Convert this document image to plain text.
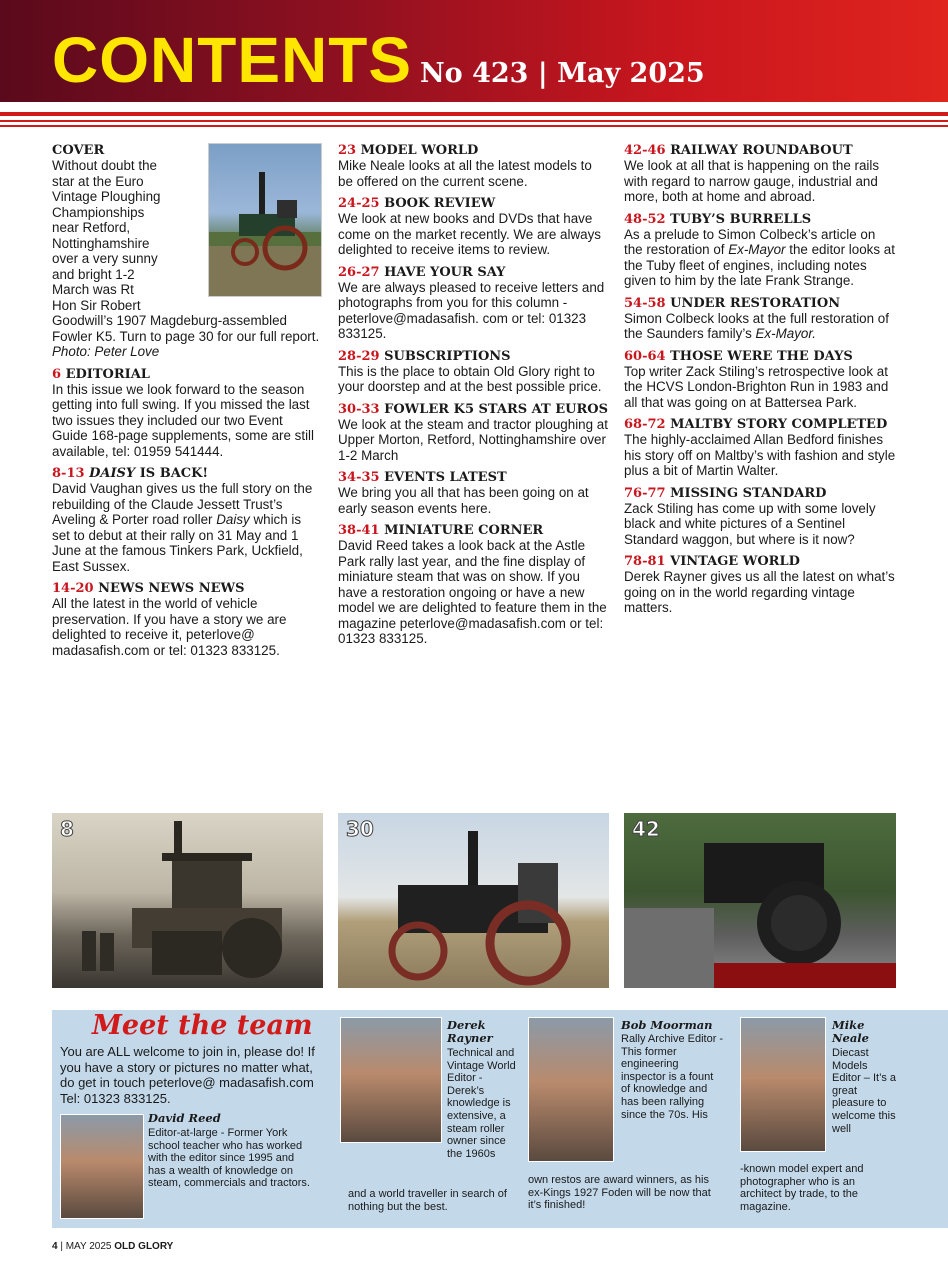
CONTENTS No 423 | May 2025
COVER
Without doubt the
star at the Euro
Vintage Ploughing
Championships
near Retford,
Nottinghamshire
over a very sunny
and bright 1-2
March was Rt
Hon Sir Robert
Goodwill’s 1907 Magdeburg-assembled Fowler K5. Turn to page 30 for our full report.
Photo: Peter Love
6 EDITORIAL
In this issue we look forward to the season getting into full swing. If you missed the last two issues they included our two Event Guide 168-page supplements, some are still available, tel: 01959 541444.
8-13 DAISY IS BACK!
David Vaughan gives us the full story on the rebuilding of the Claude Jessett Trust’s Aveling & Porter road roller Daisy which is set to debut at their rally on 31 May and 1 June at the famous Tinkers Park, Uckfield, East Sussex.
14-20 NEWS NEWS NEWS
All the latest in the world of vehicle preservation. If you have a story we are delighted to receive it, peterlove@ madasafish.com or tel: 01323 833125.
23 MODEL WORLD
Mike Neale looks at all the latest models to be offered on the current scene.
24-25 BOOK REVIEW
We look at new books and DVDs that have come on the market recently. We are always delighted to receive items to review.
26-27 HAVE YOUR SAY
We are always pleased to receive letters and photographs from you for this column - peterlove@madasafish. com or tel: 01323 833125.
28-29 SUBSCRIPTIONS
This is the place to obtain Old Glory right to your doorstep and at the best possible price.
30-33 FOWLER K5 STARS AT EUROS
We look at the steam and tractor ploughing at Upper Morton, Retford, Nottinghamshire over 1-2 March
34-35 EVENTS LATEST
We bring you all that has been going on at early season events here.
38-41 MINIATURE CORNER
David Reed takes a look back at the Astle Park rally last year, and the fine display of miniature steam that was on show. If you have a restoration ongoing or have a new model we are delighted to feature them in the magazine peterlove@madasafish.com or tel: 01323 833125.
42-46 RAILWAY ROUNDABOUT
We look at all that is happening on the rails with regard to narrow gauge, industrial and more, both at home and abroad.
48-52 TUBY’S BURRELLS
As a prelude to Simon Colbeck’s article on the restoration of Ex-Mayor the editor looks at the Tuby fleet of engines, including notes given to him by the late Frank Strange.
54-58 UNDER RESTORATION
Simon Colbeck looks at the full restoration of the Saunders family’s Ex-Mayor.
60-64 THOSE WERE THE DAYS
Top writer Zack Stiling’s retrospective look at the HCVS London-Brighton Run in 1983 and all that was going on at Battersea Park.
68-72 MALTBY STORY COMPLETED
The highly-acclaimed Allan Bedford finishes his story off on Maltby’s with fashion and style plus a bit of Martin Walter.
76-77 MISSING STANDARD
Zack Stiling has come up with some lovely black and white pictures of a Sentinel Standard waggon, but where is it now?
78-81 VINTAGE WORLD
Derek Rayner gives us all the latest on what’s going on in the world regarding vintage matters.
8	30	42
Meet the team
You are ALL welcome to join in, please do! If you have a story or pictures no matter what, do get in touch peterlove@ madasafish.com Tel: 01323 833125.
David Reed
Editor-at-large - Former York school teacher who has worked with the editor since 1995 and has a wealth of knowledge on steam, commercials and tractors.
Derek Rayner
Technical and Vintage World Editor - Derek’s knowledge is extensive, a steam roller owner since the 1960s
and a world traveller in search of nothing but the best.
Bob Moorman
Rally Archive Editor - This former engineering inspector is a fount of knowledge and has been rallying since the 70s. His
own restos are award winners, as his ex-Kings 1927 Foden will be now that it’s finished!
Mike Neale
Diecast Models Editor – It’s a great pleasure to welcome this well
-known model expert and photographer who is an architect by trade, to the magazine.
4 | MAY 2025 OLD GLORY
